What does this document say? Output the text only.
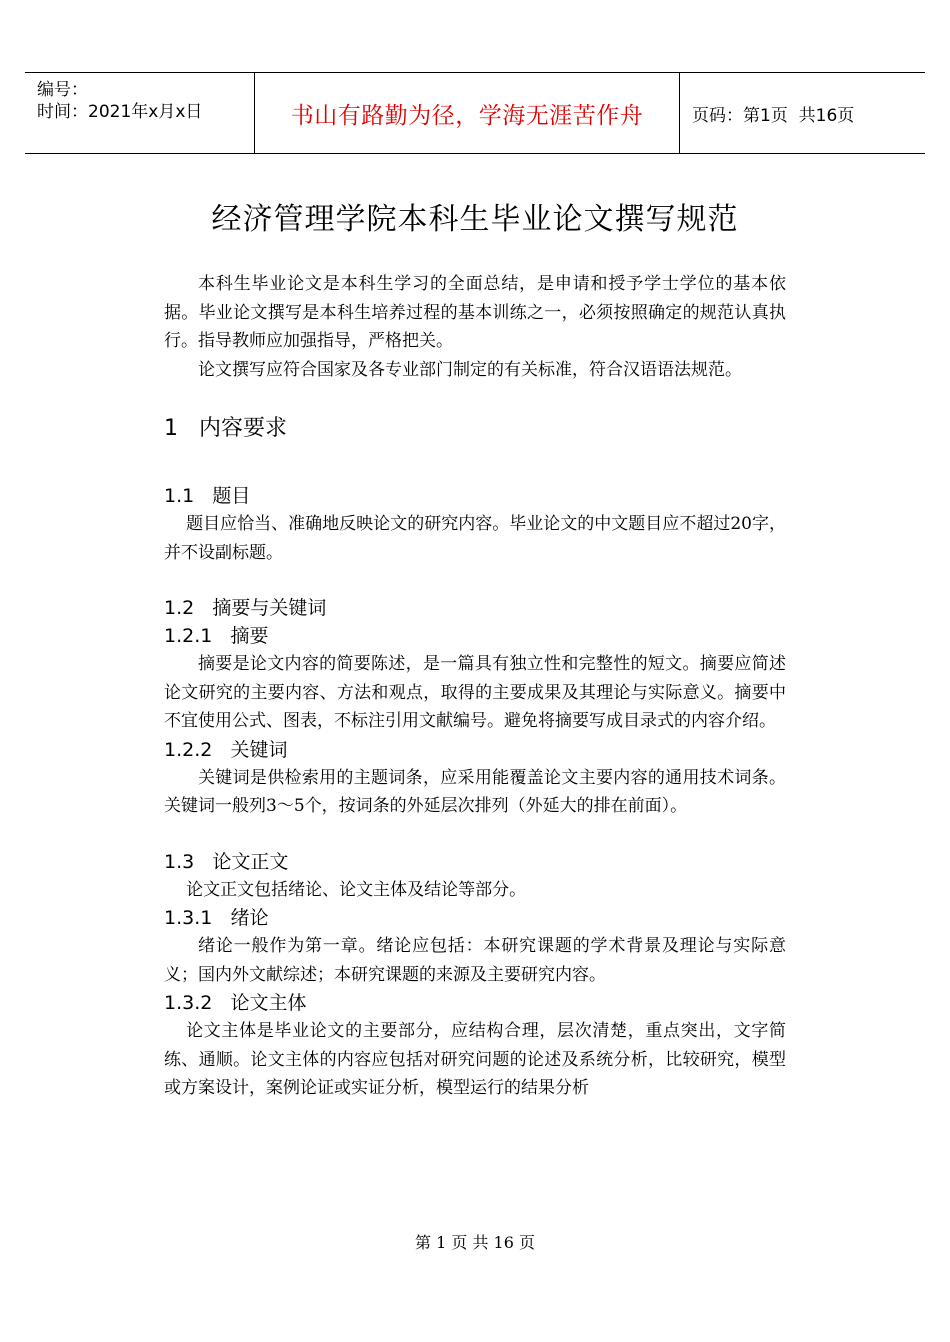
编号：
时间：2021年x月x日	书山有路勤为径，学海无涯苦作舟	页码：第1页  共16页
经济管理学院本科生毕业论文撰写规范

本科生毕业论文是本科生学习的全面总结，是申请和授予学士学位的基本依据。毕业论文撰写是本科生培养过程的基本训练之一，必须按照确定的规范认真执行。指导教师应加强指导，严格把关。

论文撰写应符合国家及各专业部门制定的有关标准，符合汉语语法规范。

1   内容要求
1.1   题目

题目应恰当、准确地反映论文的研究内容。毕业论文的中文题目应不超过20字，并不设副标题。

1.2   摘要与关键词
1.2.1   摘要

摘要是论文内容的简要陈述，是一篇具有独立性和完整性的短文。摘要应简述论文研究的主要内容、方法和观点，取得的主要成果及其理论与实际意义。摘要中不宜使用公式、图表，不标注引用文献编号。避免将摘要写成目录式的内容介绍。

1.2.2   关键词

关键词是供检索用的主题词条，应采用能覆盖论文主要内容的通用技术词条。关键词一般列3～5个，按词条的外延层次排列（外延大的排在前面）。

1.3   论文正文

论文正文包括绪论、论文主体及结论等部分。

1.3.1   绪论

绪论一般作为第一章。绪论应包括：本研究课题的学术背景及理论与实际意义；国内外文献综述；本研究课题的来源及主要研究内容。

1.3.2   论文主体

论文主体是毕业论文的主要部分，应结构合理，层次清楚，重点突出，文字简练、通顺。论文主体的内容应包括对研究问题的论述及系统分析，比较研究，模型或方案设计，案例论证或实证分析，模型运行的结果分析

第 1 页 共 16 页
